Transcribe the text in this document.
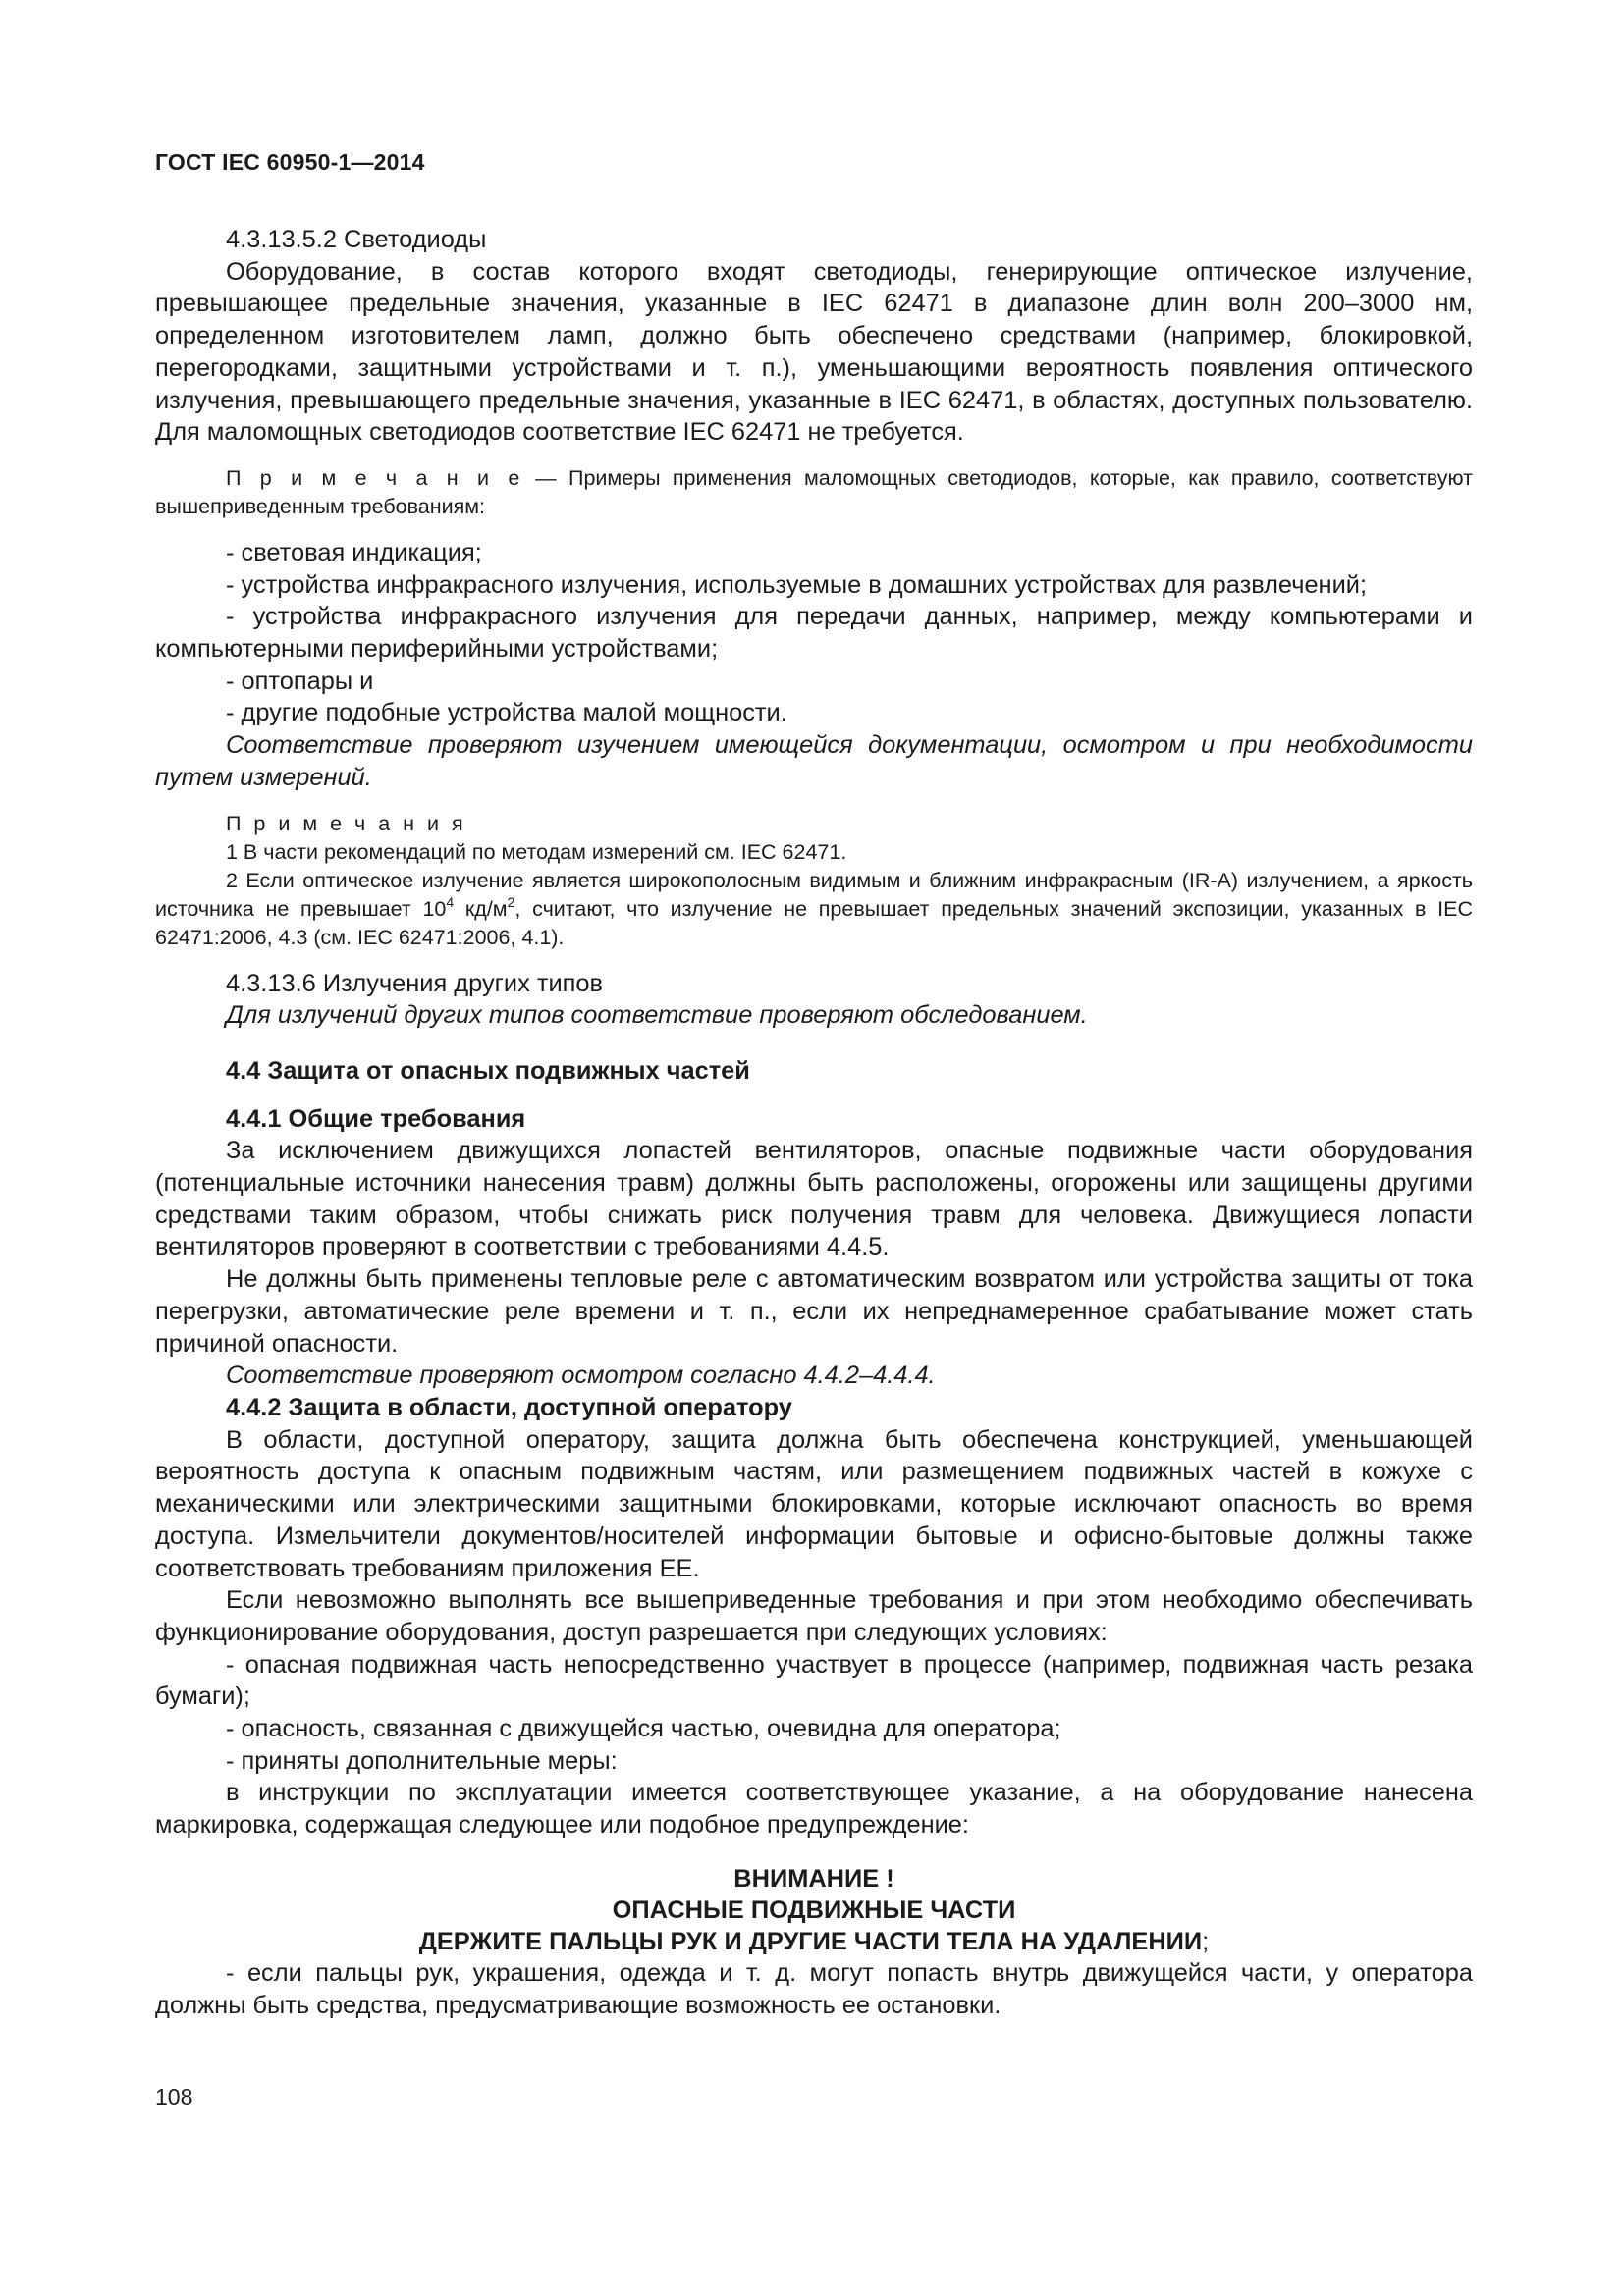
ГОСТ IEC 60950-1—2014

4.3.13.5.2 Светодиоды

Оборудование, в состав которого входят светодиоды, генерирующие оптическое излучение, превышающее предельные значения, указанные в IEC 62471 в диапазоне длин волн 200–3000 нм, определенном изготовителем ламп, должно быть обеспечено средствами (например, блокировкой, перегородками, защитными устройствами и т. п.), уменьшающими вероятность появления оптического излучения, превышающего предельные значения, указанные в IEC 62471, в областях, доступных пользователю. Для маломощных светодиодов соответствие IEC 62471 не требуется.

П р и м е ч а н и е — Примеры применения маломощных светодиодов, которые, как правило, соответствуют вышеприведенным требованиям:

- световая индикация;

- устройства инфракрасного излучения, используемые в домашних устройствах для развлечений;

- устройства инфракрасного излучения для передачи данных, например, между компьютерами и компьютерными периферийными устройствами;

- оптопары и

- другие подобные устройства малой мощности.

Соответствие проверяют изучением имеющейся документации, осмотром и при необходимости путем измерений.

П р и м е ч а н и я

1 В части рекомендаций по методам измерений см. IEC 62471.

2 Если оптическое излучение является широкополосным видимым и ближним инфракрасным (IR-A) излучением, а яркость источника не превышает $10^4$ $кд/м^2$, считают, что излучение не превышает предельных значений экспозиции, указанных в IEC 62471:2006, 4.3 (см. IEC 62471:2006, 4.1).

4.3.13.6 Излучения других типов

Для излучений других типов соответствие проверяют обследованием.

4.4 Защита от опасных подвижных частей

4.4.1 Общие требования

За исключением движущихся лопастей вентиляторов, опасные подвижные части оборудования (потенциальные источники нанесения травм) должны быть расположены, огорожены или защищены другими средствами таким образом, чтобы снижать риск получения травм для человека. Движущиеся лопасти вентиляторов проверяют в соответствии с требованиями 4.4.5.

Не должны быть применены тепловые реле с автоматическим возвратом или устройства защиты от тока перегрузки, автоматические реле времени и т. п., если их непреднамеренное срабатывание может стать причиной опасности.

Соответствие проверяют осмотром согласно 4.4.2–4.4.4.

4.4.2 Защита в области, доступной оператору

В области, доступной оператору, защита должна быть обеспечена конструкцией, уменьшающей вероятность доступа к опасным подвижным частям, или размещением подвижных частей в кожухе с механическими или электрическими защитными блокировками, которые исключают опасность во время доступа. Измельчители документов/носителей информации бытовые и офисно-бытовые должны также соответствовать требованиям приложения ЕЕ.

Если невозможно выполнять все вышеприведенные требования и при этом необходимо обеспечивать функционирование оборудования, доступ разрешается при следующих условиях:

- опасная подвижная часть непосредственно участвует в процессе (например, подвижная часть резака бумаги);

- опасность, связанная с движущейся частью, очевидна для оператора;

- приняты дополнительные меры:

в инструкции по эксплуатации имеется соответствующее указание, а на оборудование нанесена маркировка, содержащая следующее или подобное предупреждение:

ВНИМАНИЕ !
ОПАСНЫЕ ПОДВИЖНЫЕ ЧАСТИ
ДЕРЖИТЕ ПАЛЬЦЫ РУК И ДРУГИЕ ЧАСТИ ТЕЛА НА УДАЛЕНИИ;

- если пальцы рук, украшения, одежда и т. д. могут попасть внутрь движущейся части, у оператора должны быть средства, предусматривающие возможность ее остановки.

108
